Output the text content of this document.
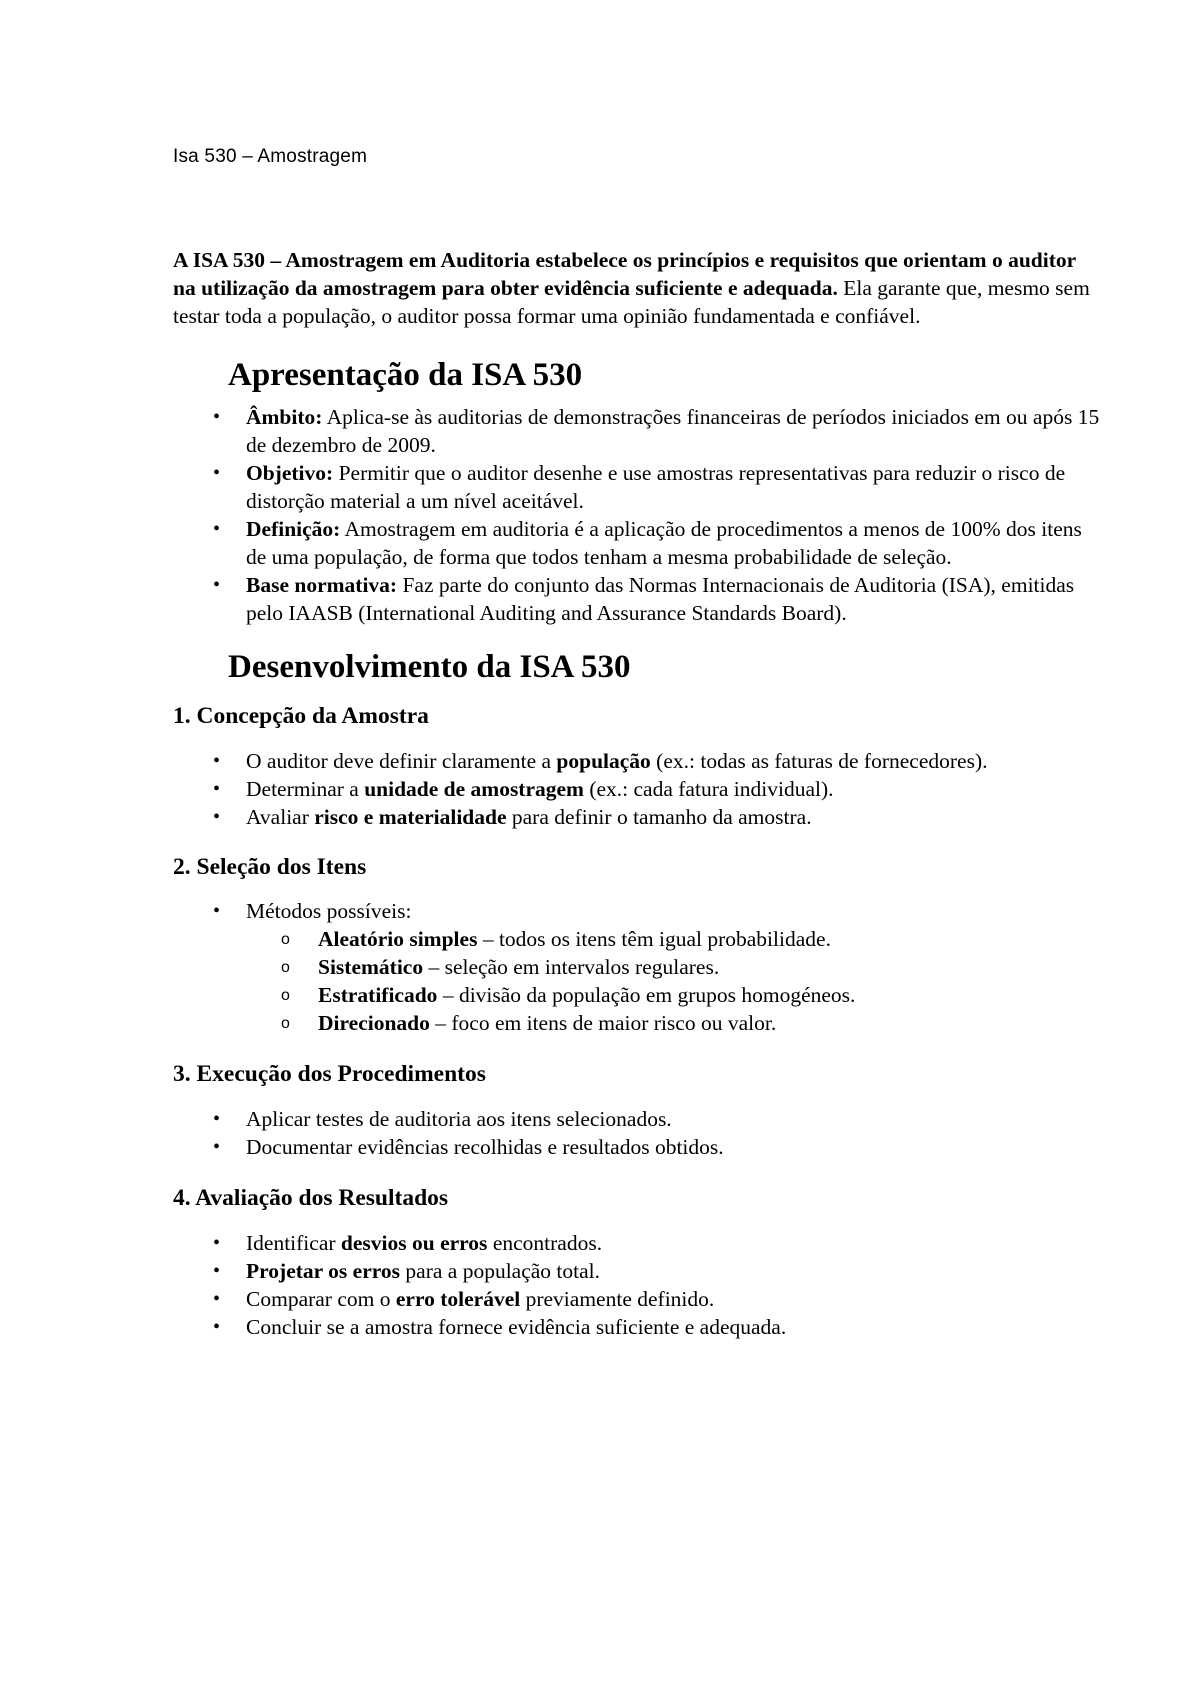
Isa 530 – Amostragem

A ISA 530 – Amostragem em Auditoria estabelece os princípios e requisitos que orientam o auditor na utilização da amostragem para obter evidência suficiente e adequada. Ela garante que, mesmo sem testar toda a população, o auditor possa formar uma opinião fundamentada e confiável.

Apresentação da ISA 530
• Âmbito: Aplica-se às auditorias de demonstrações financeiras de períodos iniciados em ou após 15 de dezembro de 2009.
• Objetivo: Permitir que o auditor desenhe e use amostras representativas para reduzir o risco de distorção material a um nível aceitável.
• Definição: Amostragem em auditoria é a aplicação de procedimentos a menos de 100% dos itens de uma população, de forma que todos tenham a mesma probabilidade de seleção.
• Base normativa: Faz parte do conjunto das Normas Internacionais de Auditoria (ISA), emitidas pelo IAASB (International Auditing and Assurance Standards Board).
Desenvolvimento da ISA 530
1. Concepção da Amostra
• O auditor deve definir claramente a população (ex.: todas as faturas de fornecedores).
• Determinar a unidade de amostragem (ex.: cada fatura individual).
• Avaliar risco e materialidade para definir o tamanho da amostra.
2. Seleção dos Itens
• Métodos possíveis:
o Aleatório simples – todos os itens têm igual probabilidade.
o Sistemático – seleção em intervalos regulares.
o Estratificado – divisão da população em grupos homogéneos.
o Direcionado – foco em itens de maior risco ou valor.
3. Execução dos Procedimentos
• Aplicar testes de auditoria aos itens selecionados.
• Documentar evidências recolhidas e resultados obtidos.
4. Avaliação dos Resultados
• Identificar desvios ou erros encontrados.
• Projetar os erros para a população total.
• Comparar com o erro tolerável previamente definido.
• Concluir se a amostra fornece evidência suficiente e adequada.
